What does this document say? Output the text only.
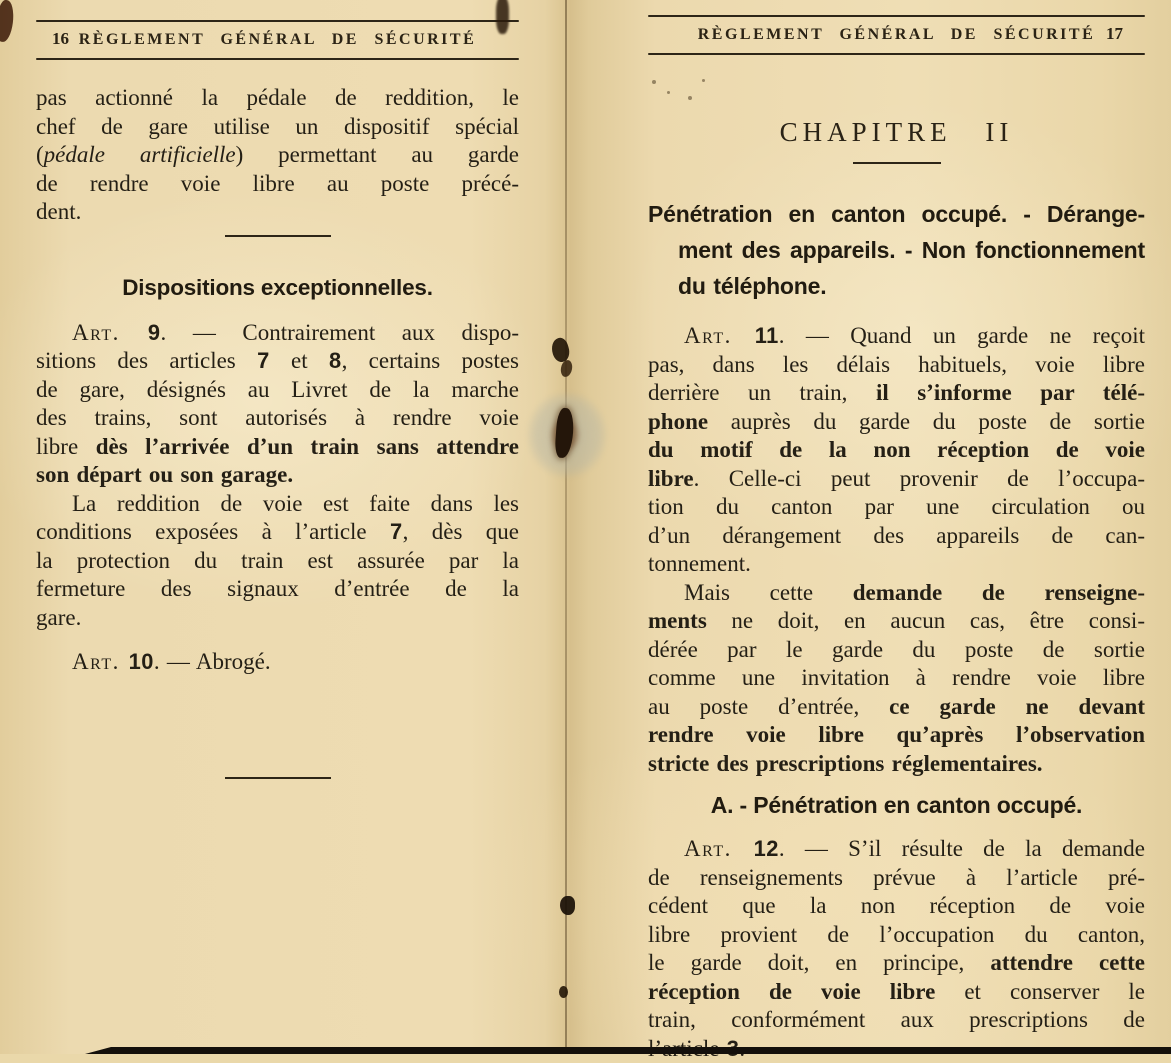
16 RÈGLEMENT GÉNÉRAL DE SÉCURITÉ
pas actionné la pédale de reddition, le
chef de gare utilise un dispositif spécial
(pédale artificielle) permettant au garde
de rendre voie libre au poste précé-
dent.
Dispositions exceptionnelles.
Art. 9. — Contrairement aux dispo-
sitions des articles 7 et 8, certains postes
de gare, désignés au Livret de la marche
des trains, sont autorisés à rendre voie
libre dès l’arrivée d’un train sans attendre
son départ ou son garage.
La reddition de voie est faite dans les
conditions exposées à l’article 7, dès que
la protection du train est assurée par la
fermeture des signaux d’entrée de la
gare.
Art. 10. — Abrogé.
RÈGLEMENT GÉNÉRAL DE SÉCURITÉ 17
CHAPITRE II
Pénétration en canton occupé. - Dérange-
ment des appareils. - Non fonctionnement
du téléphone.
Art. 11. — Quand un garde ne reçoit
pas, dans les délais habituels, voie libre
derrière un train, il s’informe par télé-
phone auprès du garde du poste de sortie
du motif de la non réception de voie
libre. Celle-ci peut provenir de l’occupa-
tion du canton par une circulation ou
d’un dérangement des appareils de can-
tonnement.
Mais cette demande de renseigne-
ments ne doit, en aucun cas, être consi-
dérée par le garde du poste de sortie
comme une invitation à rendre voie libre
au poste d’entrée, ce garde ne devant
rendre voie libre qu’après l’observation
stricte des prescriptions réglementaires.
A. - Pénétration en canton occupé.
Art. 12. — S’il résulte de la demande
de renseignements prévue à l’article pré-
cédent que la non réception de voie
libre provient de l’occupation du canton,
le garde doit, en principe, attendre cette
réception de voie libre et conserver le
train, conformément aux prescriptions de
